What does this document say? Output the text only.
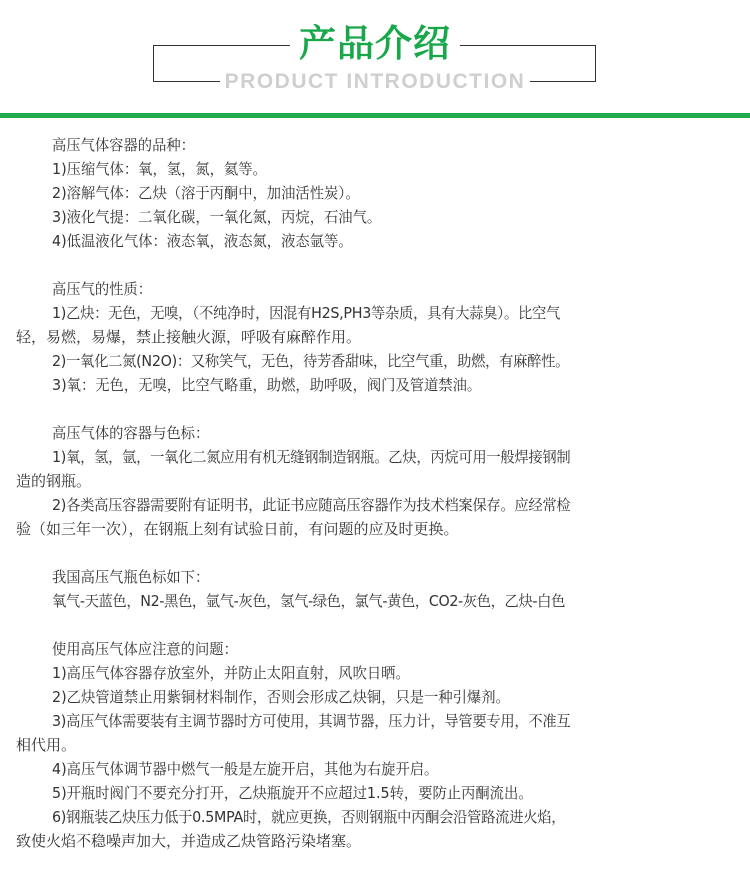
产品介绍
PRODUCT INTRODUCTION
高压气体容器的品种：
1)压缩气体：氧，氢，氮，氦等。
2)溶解气体：乙炔（溶于丙酮中，加油活性炭）。
3)液化气提：二氧化碳，一氧化氮，丙烷，石油气。
4)低温液化气体：液态氧，液态氮，液态氩等。
高压气的性质：
1)乙炔：无色，无嗅，（不纯净时，因混有H2S,PH3等杂质，具有大蒜臭）。比空气
轻，易燃，易爆，禁止接触火源，呼吸有麻醉作用。
2)一氧化二氮(N2O)：又称笑气，无色，待芳香甜味，比空气重，助燃，有麻醉性。
3)氧：无色，无嗅，比空气略重，助燃，助呼吸，阀门及管道禁油。
高压气体的容器与色标：
1)氧，氢，氩，一氧化二氮应用有机无缝钢制造钢瓶。乙炔，丙烷可用一般焊接钢制
造的钢瓶。
2)各类高压容器需要附有证明书，此证书应随高压容器作为技术档案保存。应经常检
验（如三年一次），在钢瓶上刻有试验日前，有问题的应及时更换。
我国高压气瓶色标如下：
氧气-天蓝色，N2-黑色，氩气-灰色，氢气-绿色，氯气-黄色，CO2-灰色，乙炔-白色
使用高压气体应注意的问题：
1)高压气体容器存放室外，并防止太阳直射，风吹日晒。
2)乙炔管道禁止用紫铜材料制作，否则会形成乙炔铜，只是一种引爆剂。
3)高压气体需要装有主调节器时方可使用，其调节器，压力计，导管要专用，不准互
相代用。
4)高压气体调节器中燃气一般是左旋开启，其他为右旋开启。
5)开瓶时阀门不要充分打开，乙炔瓶旋开不应超过1.5转，要防止丙酮流出。
6)钢瓶装乙炔压力低于0.5MPA时，就应更换，否则钢瓶中丙酮会沿管路流进火焰，
致使火焰不稳噪声加大，并造成乙炔管路污染堵塞。
